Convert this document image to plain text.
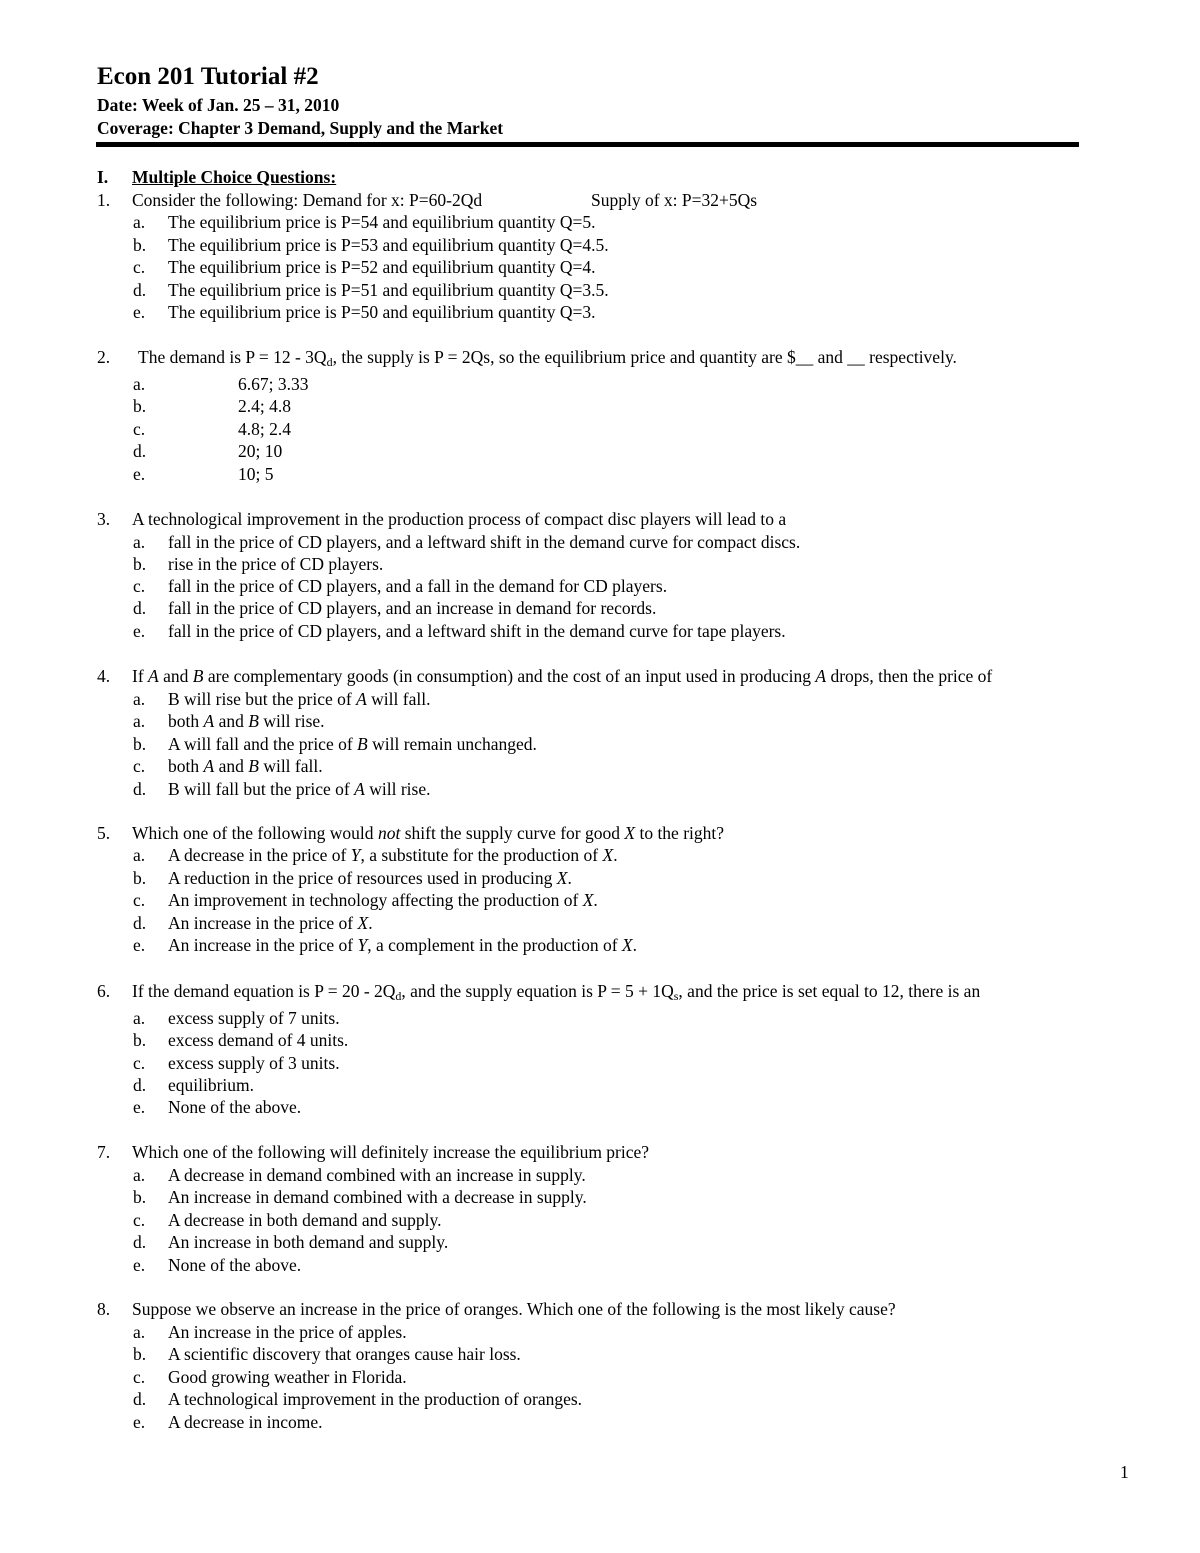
Econ 201 Tutorial #2
Date: Week of Jan. 25 – 31, 2010
Coverage: Chapter 3 Demand, Supply and the Market
I. Multiple Choice Questions:
1. Consider the following: Demand for x: P=60-2Qd	Supply of x: P=32+5Qs
a. The equilibrium price is P=54 and equilibrium quantity Q=5.
b. The equilibrium price is P=53 and equilibrium quantity Q=4.5.
c. The equilibrium price is P=52 and equilibrium quantity Q=4.
d. The equilibrium price is P=51 and equilibrium quantity Q=3.5.
e. The equilibrium price is P=50 and equilibrium quantity Q=3.
2. The demand is $P = 12 - 3Q_d$, the supply is P = 2Qs, so the equilibrium price and quantity are $__ and __ respectively.
a.	6.67; 3.33
b.	2.4; 4.8
c.	4.8; 2.4
d.	20; 10
e.	10; 5
3. A technological improvement in the production process of compact disc players will lead to a
a. fall in the price of CD players, and a leftward shift in the demand curve for compact discs.
b. rise in the price of CD players.
c. fall in the price of CD players, and a fall in the demand for CD players.
d. fall in the price of CD players, and an increase in demand for records.
e. fall in the price of CD players, and a leftward shift in the demand curve for tape players.
4. If A and B are complementary goods (in consumption) and the cost of an input used in producing A drops, then the price of
a. B will rise but the price of A will fall.
a. both A and B will rise.
b. A will fall and the price of B will remain unchanged.
c. both A and B will fall.
d. B will fall but the price of A will rise.
5. Which one of the following would not shift the supply curve for good X to the right?
a. A decrease in the price of Y, a substitute for the production of X.
b. A reduction in the price of resources used in producing X.
c. An improvement in technology affecting the production of X.
d. An increase in the price of X.
e. An increase in the price of Y, a complement in the production of X.
6. If the demand equation is $P = 20 - 2Q_d$, and the supply equation is $P = 5 + 1Q_s$, and the price is set equal to 12, there is an
a. excess supply of 7 units.
b. excess demand of 4 units.
c. excess supply of 3 units.
d. equilibrium.
e. None of the above.
7. Which one of the following will definitely increase the equilibrium price?
a. A decrease in demand combined with an increase in supply.
b. An increase in demand combined with a decrease in supply.
c. A decrease in both demand and supply.
d. An increase in both demand and supply.
e. None of the above.
8. Suppose we observe an increase in the price of oranges. Which one of the following is the most likely cause?
a. An increase in the price of apples.
b. A scientific discovery that oranges cause hair loss.
c. Good growing weather in Florida.
d. A technological improvement in the production of oranges.
e. A decrease in income.
1
